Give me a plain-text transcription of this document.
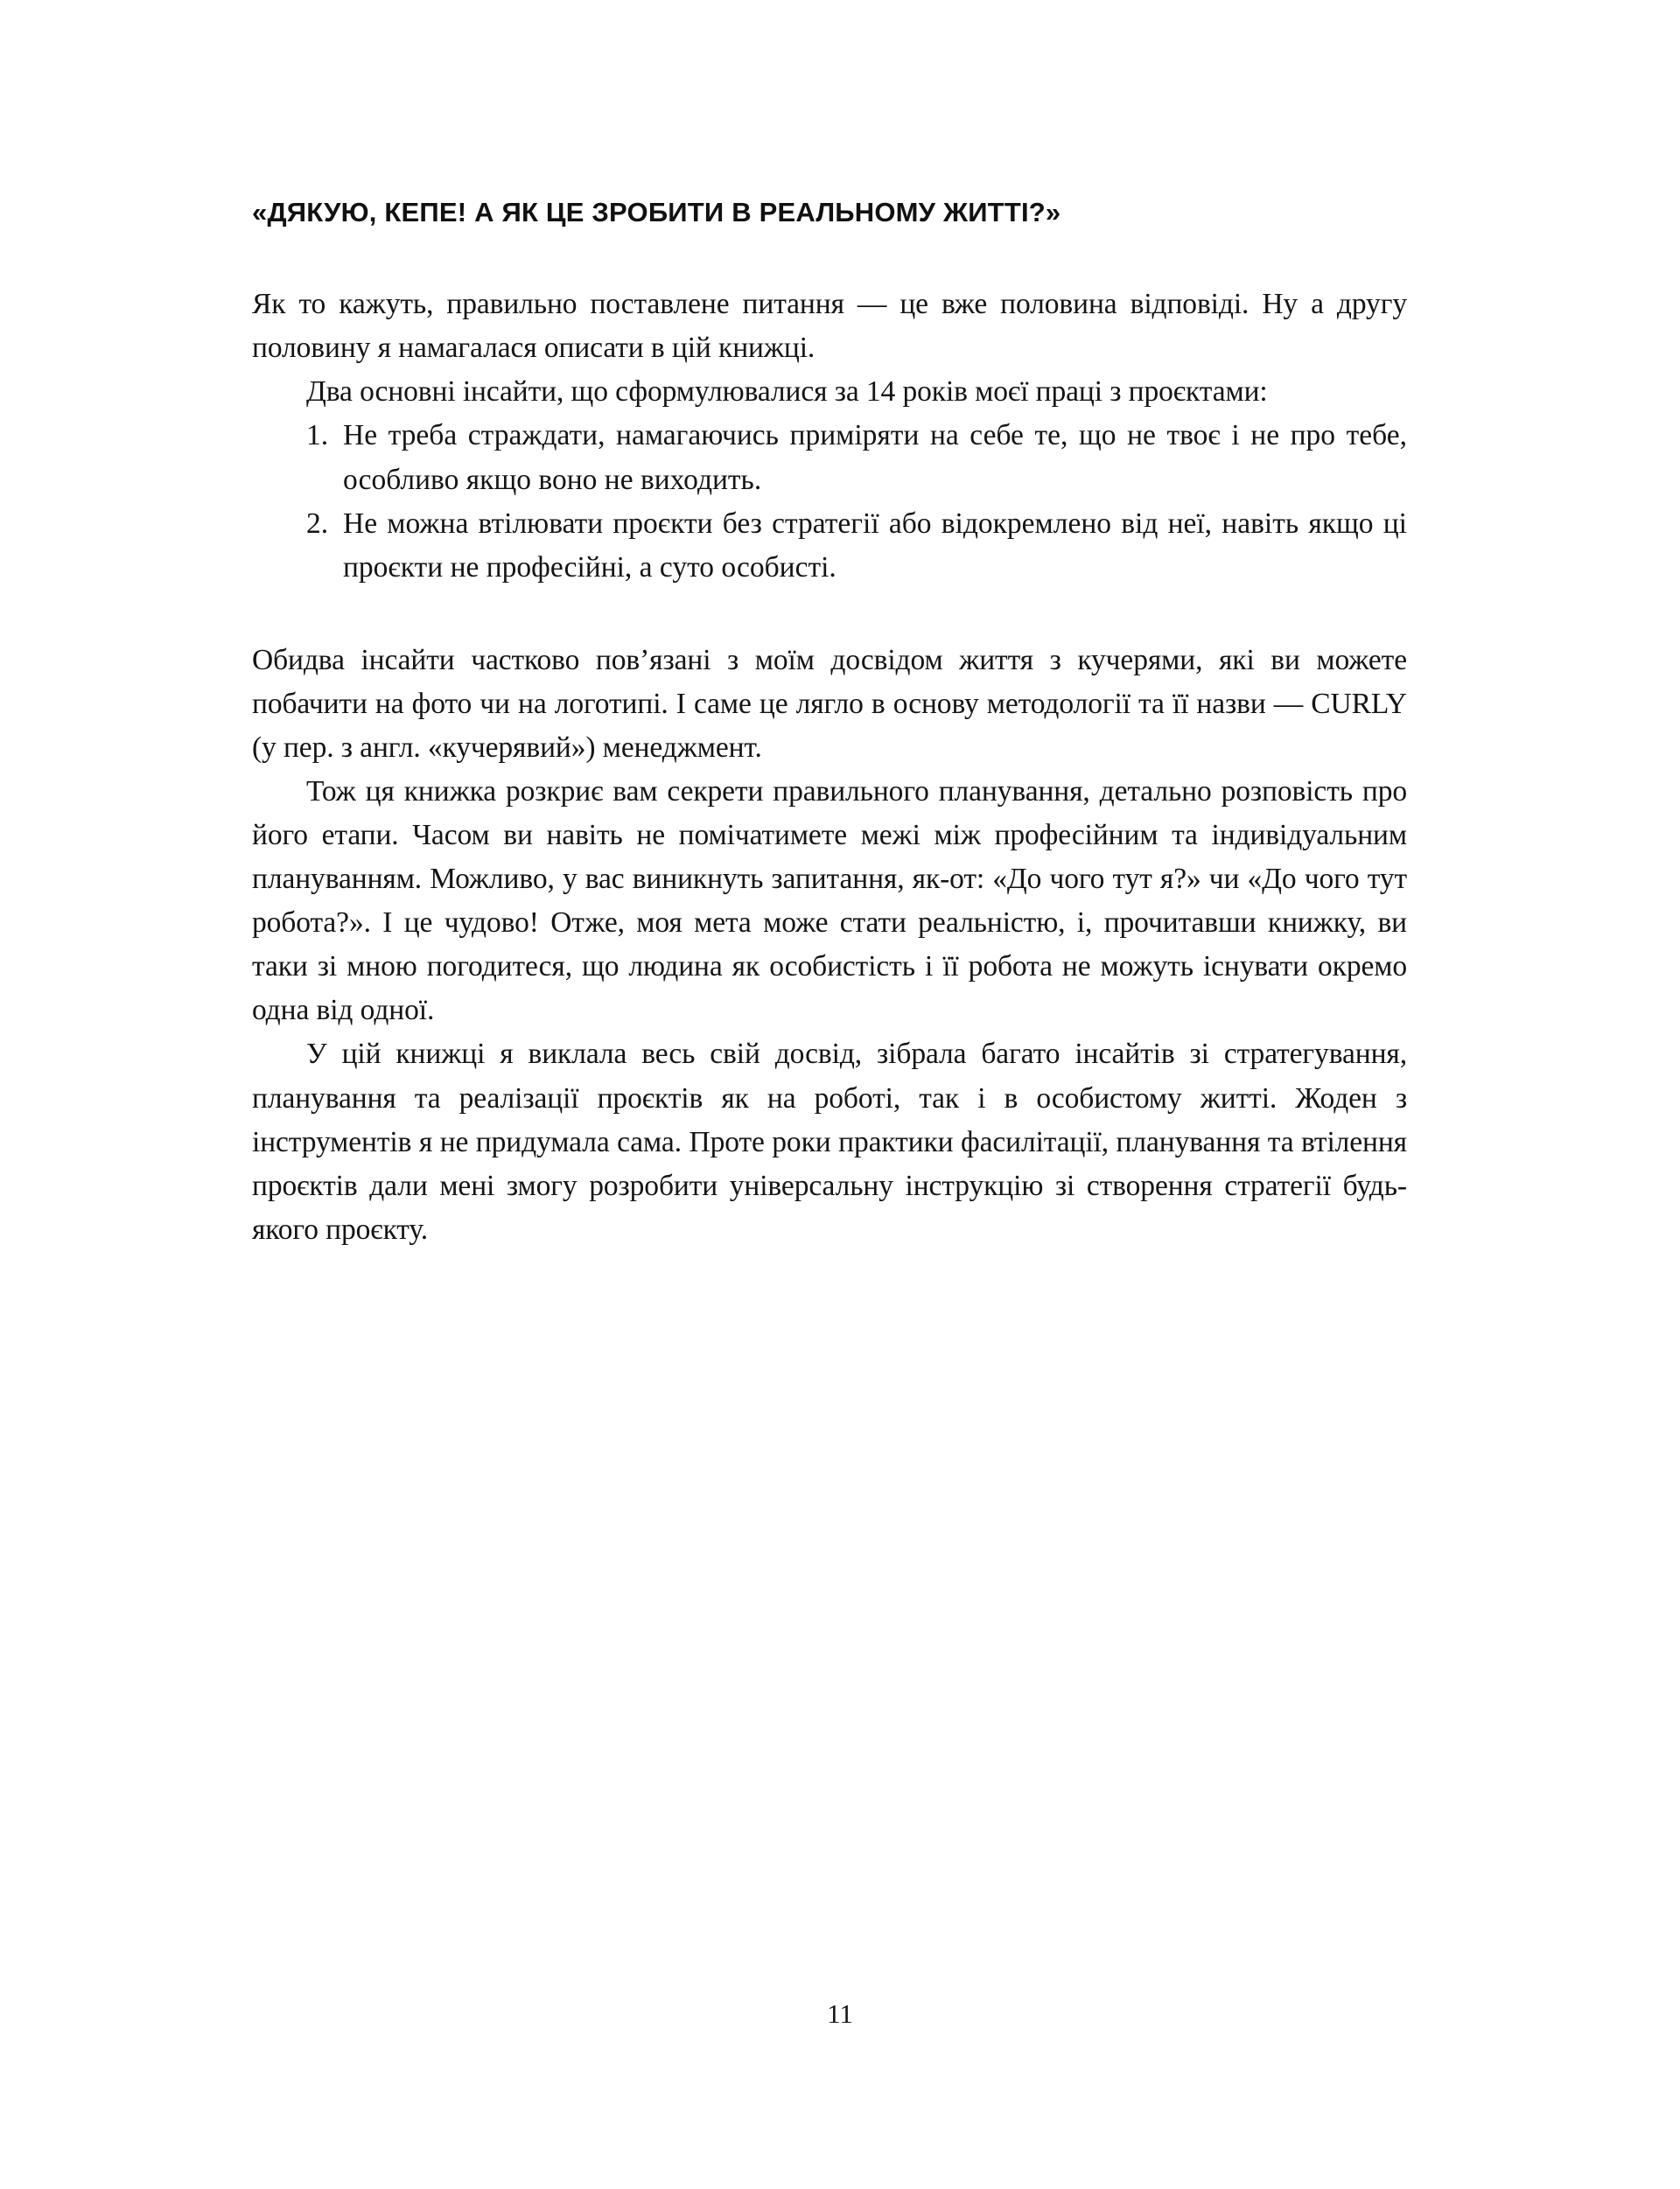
«ДЯКУЮ, КЕПЕ! А ЯК ЦЕ ЗРОБИТИ В РЕАЛЬНОМУ ЖИТТІ?»

Як то кажуть, правильно поставлене питання — це вже половина відповіді. Ну а другу половину я намагалася описати в цій книжці.

Два основні інсайти, що сформулювалися за 14 років моєї праці з проєктами:

1. Не треба страждати, намагаючись приміряти на себе те, що не твоє і не про тебе, особливо якщо воно не виходить.
2. Не можна втілювати проєкти без стратегії або відокремлено від неї, навіть якщо ці проєкти не професійні, а суто особисті.

Обидва інсайти частково пов’язані з моїм досвідом життя з кучерями, які ви можете побачити на фото чи на логотипі. І саме це лягло в основу методології та її назви — CURLY (у пер. з англ. «кучерявий») менеджмент.

Тож ця книжка розкриє вам секрети правильного планування, детально розповість про його етапи. Часом ви навіть не помічатимете межі між професійним та індивідуальним плануванням. Можливо, у вас виникнуть запитання, як-от: «До чого тут я?» чи «До чого тут робота?». І це чудово! Отже, моя мета може стати реальністю, і, прочитавши книжку, ви таки зі мною погодитеся, що людина як особистість і її робота не можуть існувати окремо одна від одної.

У цій книжці я виклала весь свій досвід, зібрала багато інсайтів зі стратегування, планування та реалізації проєктів як на роботі, так і в особистому житті. Жоден з інструментів я не придумала сама. Проте роки практики фасилітації, планування та втілення проєктів дали мені змогу розробити універсальну інструкцію зі створення стратегії будь-якого проєкту.

11
